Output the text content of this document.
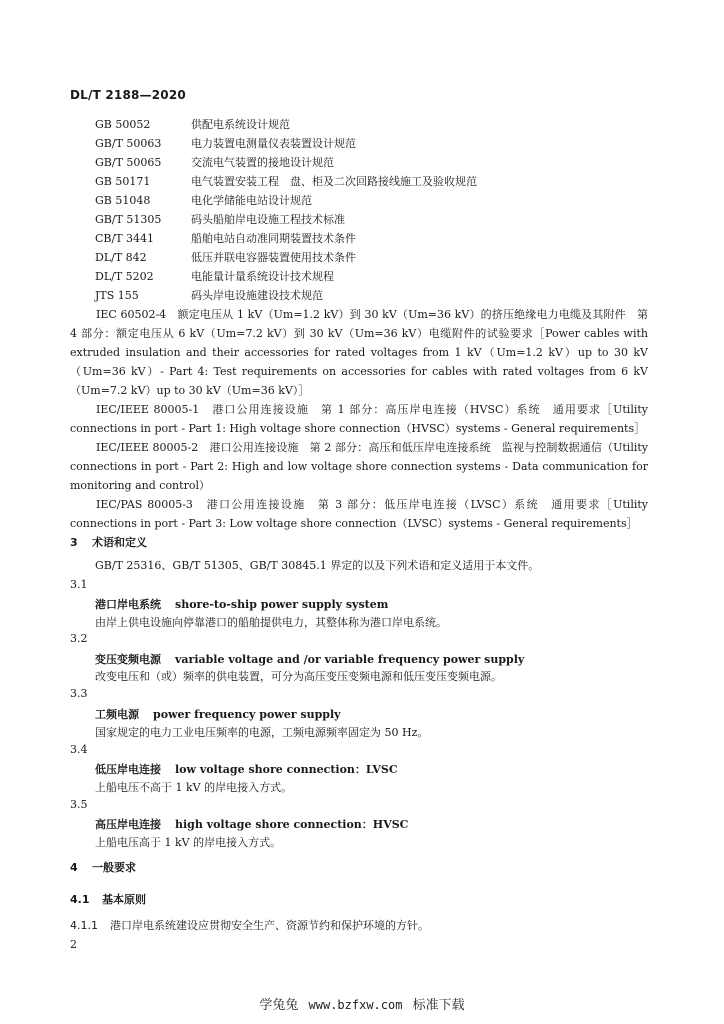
DL/T 2188—2020
GB 50052	供配电系统设计规范
GB/T 50063	电力装置电测量仪表装置设计规范
GB/T 50065	交流电气装置的接地设计规范
GB 50171	电气装置安装工程　盘、柜及二次回路接线施工及验收规范
GB 51048	电化学储能电站设计规范
GB/T 51305	码头船舶岸电设施工程技术标准
CB/T 3441	船舶电站自动准同期装置技术条件
DL/T 842	低压并联电容器装置使用技术条件
DL/T 5202	电能量计量系统设计技术规程
JTS 155	码头岸电设施建设技术规范
IEC 60502-4　额定电压从 1 kV（Um=1.2 kV）到 30 kV（Um=36 kV）的挤压绝缘电力电缆及其附件　第 4 部分：额定电压从 6 kV（Um=7.2 kV）到 30 kV（Um=36 kV）电缆附件的试验要求［Power cables with extruded insulation and their accessories for rated voltages from 1 kV（Um=1.2 kV）up to 30 kV（Um=36 kV）- Part 4: Test requirements on accessories for cables with rated voltages from 6 kV（Um=7.2 kV）up to 30 kV（Um=36 kV）］
IEC/IEEE 80005-1　港口公用连接设施　第 1 部分：高压岸电连接（HVSC）系统　通用要求［Utility connections in port - Part 1: High voltage shore connection（HVSC）systems - General requirements］
IEC/IEEE 80005-2　港口公用连接设施　第 2 部分：高压和低压岸电连接系统　监视与控制数据通信（Utility connections in port - Part 2: High and low voltage shore connection systems - Data communication for monitoring and control）
IEC/PAS 80005-3　港口公用连接设施　第 3 部分：低压岸电连接（LVSC）系统　通用要求［Utility connections in port - Part 3: Low voltage shore connection（LVSC）systems - General requirements］
3 术语和定义
GB/T 25316、GB/T 51305、GB/T 30845.1 界定的以及下列术语和定义适用于本文件。
3.1
港口岸电系统 shore-to-ship power supply system
由岸上供电设施向停靠港口的船舶提供电力，其整体称为港口岸电系统。
3.2
变压变频电源 variable voltage and /or variable frequency power supply
改变电压和（或）频率的供电装置，可分为高压变压变频电源和低压变压变频电源。
3.3
工频电源 power frequency power supply
国家规定的电力工业电压频率的电源，工频电源频率固定为 50 Hz。
3.4
低压岸电连接 low voltage shore connection：LVSC
上船电压不高于 1 kV 的岸电接入方式。
3.5
高压岸电连接 high voltage shore connection：HVSC
上船电压高于 1 kV 的岸电接入方式。
4 一般要求
4.1 基本原则
4.1.1 港口岸电系统建设应贯彻安全生产、资源节约和保护环境的方针。
2
学兔兔 www.bzfxw.com 标准下载
